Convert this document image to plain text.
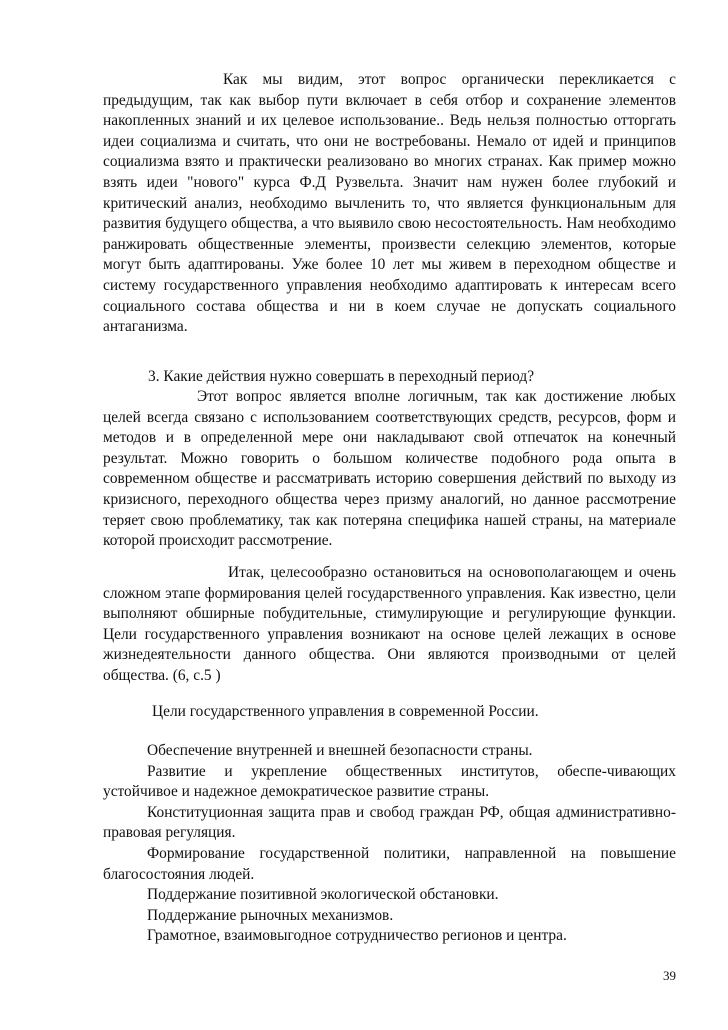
Как мы видим, этот вопрос органически перекликается с предыдущим, так как выбор пути включает в себя отбор и сохранение элементов накопленных знаний и их целевое использование.. Ведь нельзя полностью отторгать идеи социализма и считать, что они не востребованы. Немало от идей и принципов социализма взято и практически реализовано во многих странах. Как пример можно взять идеи "нового" курса Ф.Д Рузвельта. Значит нам нужен более глубокий и критический анализ, необходимо вычленить то, что является функциональным для развития будущего общества, а что выявило свою несостоятельность. Нам необходимо ранжировать общественные элементы, произвести селекцию элементов, которые могут быть адаптированы. Уже более 10 лет мы живем в переходном обществе и систему государственного управления необходимо адаптировать к интересам всего социального состава общества и ни в коем случае не допускать социального антаганизма.

3. Какие действия нужно совершать в переходный период?

Этот вопрос является вполне логичным, так как достижение любых целей всегда связано с использованием соответствующих средств, ресурсов, форм и методов и в определенной мере они накладывают свой отпечаток на конечный результат. Можно говорить о большом количестве подобного рода опыта в современном обществе и рассматривать историю совершения действий по выходу из кризисного, переходного общества через призму аналогий, но данное рассмотрение теряет свою проблематику, так как потеряна специфика нашей страны, на материале которой происходит рассмотрение.

Итак, целесообразно остановиться на основополагающем и очень сложном этапе формирования целей государственного управления. Как известно, цели выполняют обширные побудительные, стимулирующие и регулирующие функции. Цели государственного управления возникают на основе целей лежащих в основе жизнедеятельности данного общества. Они являются производными от целей общества. (6, с.5 )

Цели государственного управления в современной России.
Обеспечение внутренней и внешней безопасности страны.
Развитие и укрепление общественных институтов, обеспе-чивающих устойчивое и надежное демократическое развитие страны.
Конституционная защита прав и свобод граждан РФ, общая административно-правовая регуляция.
Формирование государственной политики, направленной на повышение благосостояния людей.
Поддержание позитивной экологической обстановки.
Поддержание рыночных механизмов.
Грамотное, взаимовыгодное сотрудничество регионов и центра.
39
